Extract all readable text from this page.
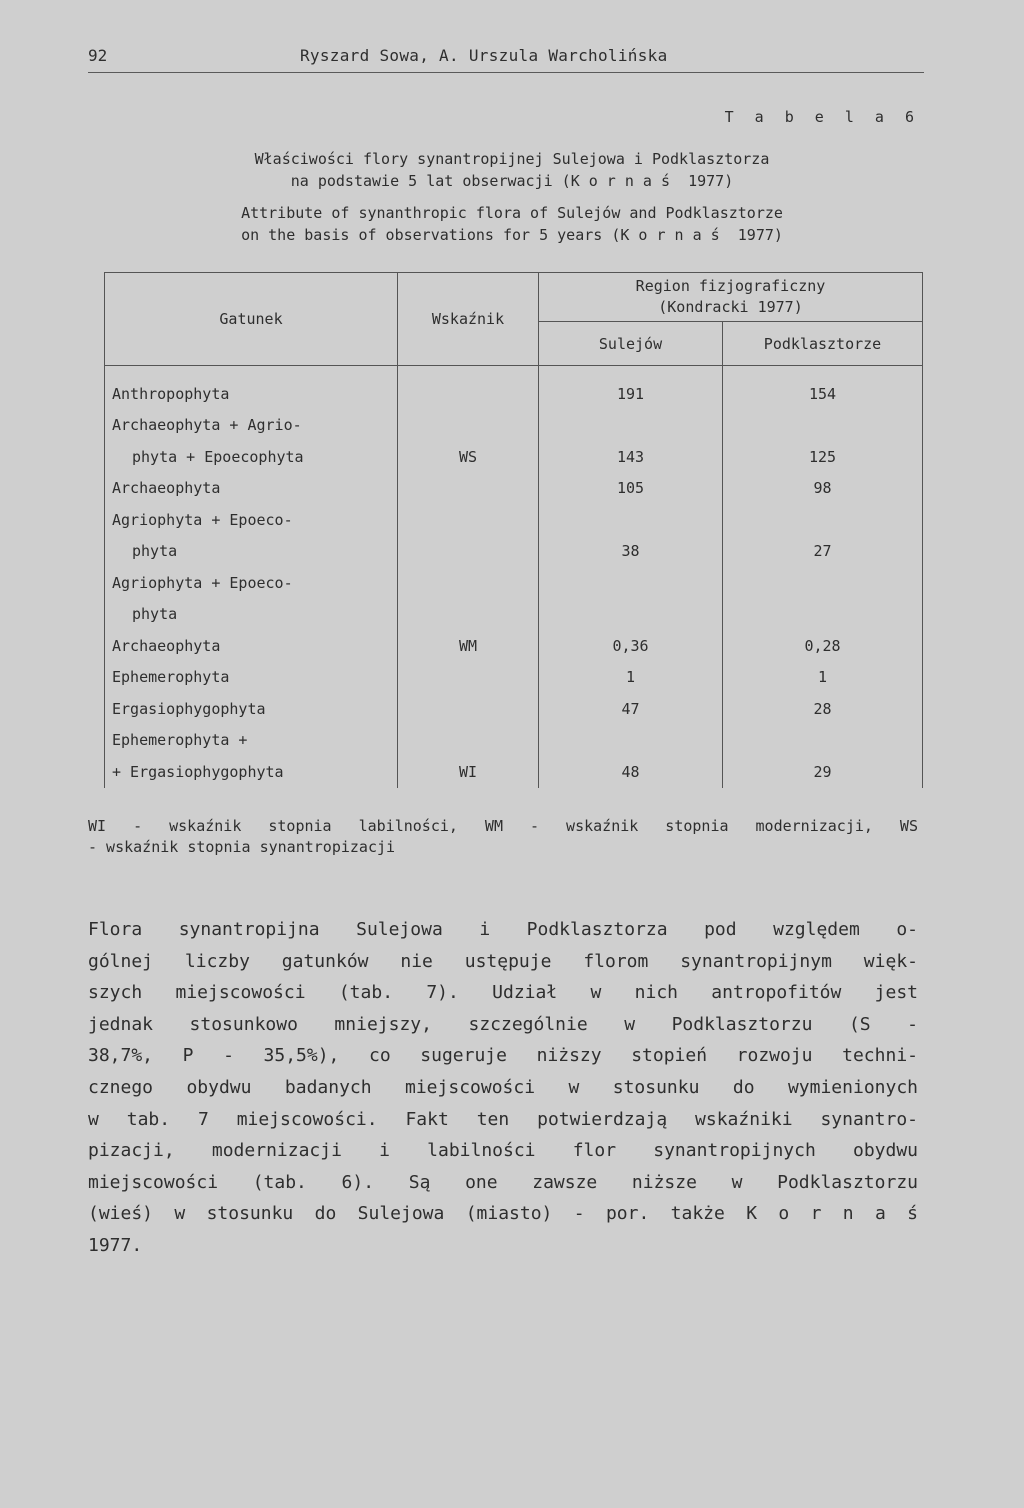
92	Ryszard Sowa, A. Urszula Warcholińska
T a b e l a 6
Właściwości flory synantropijnej Sulejowa i Podklasztorza
na podstawie 5 lat obserwacji (K o r n a ś  1977)
Attribute of synanthropic flora of Sulejów and Podklasztorze
on the basis of observations for 5 years (K o r n a ś  1977)
Gatunek	Wskaźnik	Region fizjograficzny
(Kondracki 1977)	

		Sulejów	Podklasztorze
Anthropophyta		191	154
Archaeophyta + Agrio-			
phyta + Epoecophyta	WS	143	125
Archaeophyta		105	98
Agriophyta + Epoeco-			
phyta		38	27
Agriophyta + Epoeco-			
phyta			
Archaeophyta	WM	0,36	0,28
Ephemerophyta		1	1
Ergasiophygophyta		47	28
Ephemerophyta +			
+ Ergasiophygophyta	WI	48	29
WI - wskaźnik stopnia labilności, WM - wskaźnik stopnia modernizacji, WS
- wskaźnik stopnia synantropizacji
Flora synantropijna Sulejowa i Podklasztorza pod względem o-
gólnej liczby gatunków nie ustępuje florom synantropijnym więk-
szych miejscowości (tab. 7). Udział w nich antropofitów jest
jednak stosunkowo mniejszy, szczególnie w Podklasztorzu (S -
38,7%, P - 35,5%), co sugeruje niższy stopień rozwoju techni-
cznego obydwu badanych miejscowości w stosunku do wymienionych
w tab. 7 miejscowości. Fakt ten potwierdzają wskaźniki synantro-
pizacji, modernizacji i labilności flor synantropijnych obydwu
miejscowości (tab. 6). Są one zawsze niższe w Podklasztorzu
(wieś) w stosunku do Sulejowa (miasto) - por. także K o r n a ś
1977.
